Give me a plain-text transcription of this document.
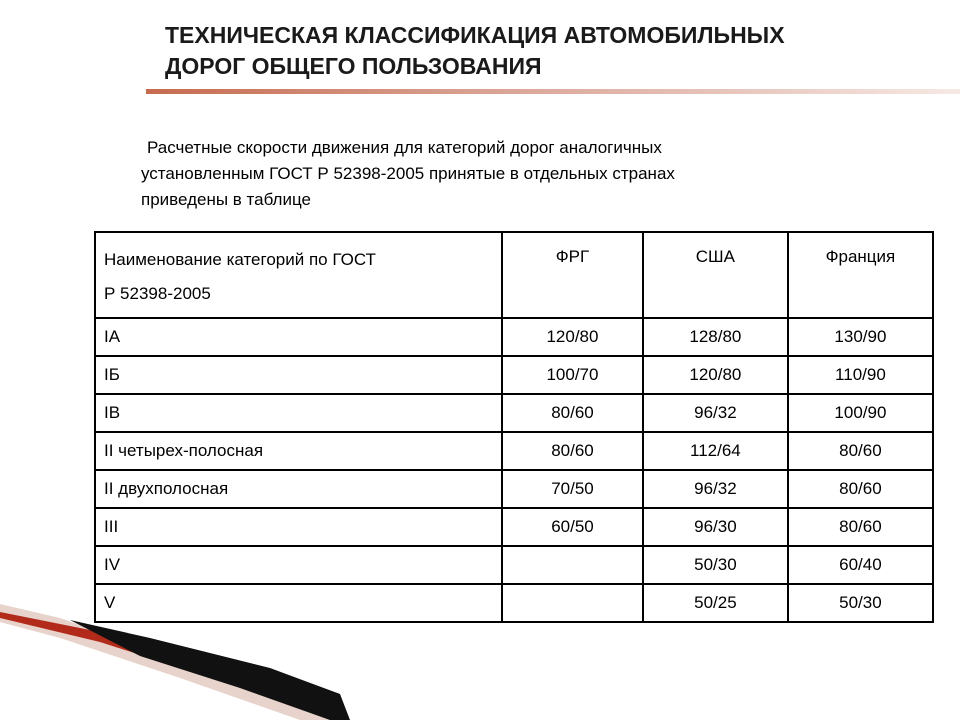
ТЕХНИЧЕСКАЯ КЛАССИФИКАЦИЯ АВТОМОБИЛЬНЫХ
ДОРОГ ОБЩЕГО ПОЛЬЗОВАНИЯ
Расчетные скорости движения для категорий дорог аналогичных
установленным ГОСТ Р 52398-2005 принятые в отдельных странах
приведены в таблице
Наименование категорий по ГОСТ
Р 52398-2005	ФРГ	США	Франция
IА	120/80	128/80	130/90
IБ	100/70	120/80	110/90
IВ	80/60	96/32	100/90
II четырех-полосная	80/60	112/64	80/60
II двухполосная	70/50	96/32	80/60
III	60/50	96/30	80/60
IV		50/30	60/40
V		50/25	50/30
